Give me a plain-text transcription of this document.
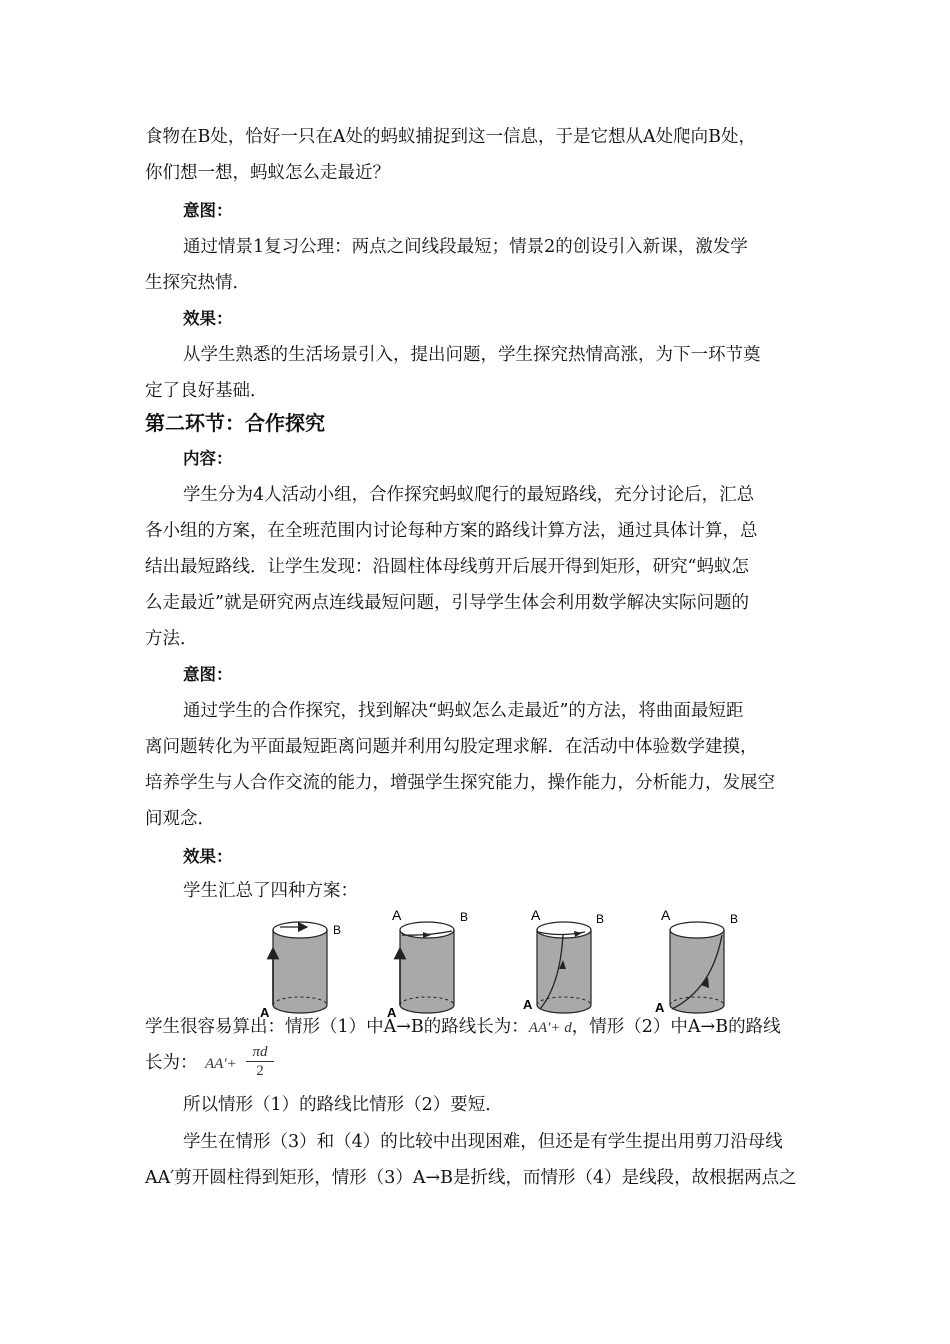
食物在B处，恰好一只在A处的蚂蚁捕捉到这一信息，于是它想从A处爬向B处，
你们想一想，蚂蚁怎么走最近？
意图：
通过情景1复习公理：两点之间线段最短；情景2的创设引入新课，激发学
生探究热情．
效果：
从学生熟悉的生活场景引入，提出问题，学生探究热情高涨，为下一环节奠
定了良好基础．
第二环节：合作探究
内容：
学生分为4人活动小组，合作探究蚂蚁爬行的最短路线，充分讨论后，汇总
各小组的方案，在全班范围内讨论每种方案的路线计算方法，通过具体计算，总
结出最短路线．让学生发现：沿圆柱体母线剪开后展开得到矩形，研究“蚂蚁怎
么走最近”就是研究两点连线最短问题，引导学生体会利用数学解决实际问题的
方法．
意图：
通过学生的合作探究，找到解决“蚂蚁怎么走最近”的方法，将曲面最短距
离问题转化为平面最短距离问题并利用勾股定理求解．在活动中体验数学建摸，
培养学生与人合作交流的能力，增强学生探究能力，操作能力，分析能力，发展空
间观念．
效果：
学生汇总了四种方案：
A
B
A
A
B	A
A
B	A
A
B
学生很容易算出：情形（1）中A→B的路线长为：AA′+ d，情形（2）中A→B的路线
长为： $AA'+ \frac{\pi d}{2}$
所以情形（1）的路线比情形（2）要短．
学生在情形（3）和（4）的比较中出现困难，但还是有学生提出用剪刀沿母线
AA′剪开圆柱得到矩形，情形（3）A→B是折线，而情形（4）是线段，故根据两点之
